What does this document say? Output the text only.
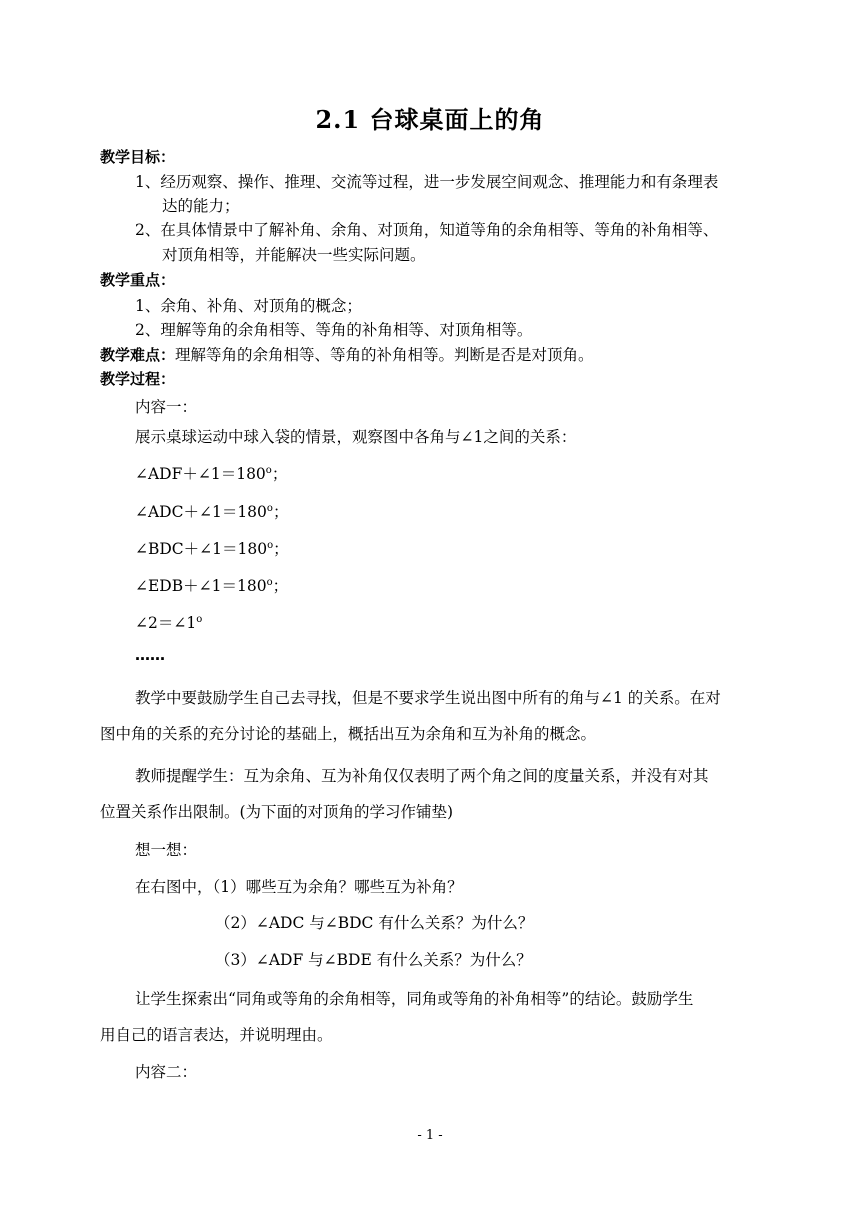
2.1 台球桌面上的角
教学目标：
1、经历观察、操作、推理、交流等过程，进一步发展空间观念、推理能力和有条理表
达的能力；
2、在具体情景中了解补角、余角、对顶角，知道等角的余角相等、等角的补角相等、
对顶角相等，并能解决一些实际问题。
教学重点：
1、余角、补角、对顶角的概念；
2、理解等角的余角相等、等角的补角相等、对顶角相等。
教学难点：理解等角的余角相等、等角的补角相等。判断是否是对顶角。
教学过程：
内容一：
展示桌球运动中球入袋的情景，观察图中各角与∠1之间的关系：
$\angle ADF+\angle 1=180^o$；
$\angle ADC+\angle 1=180^o$；
$\angle BDC+\angle 1=180^o$；
$\angle EDB+\angle 1=180^o$；
$\angle 2=\angle 1^o$
……
教学中要鼓励学生自己去寻找，但是不要求学生说出图中所有的角与∠1 的关系。在对
图中角的关系的充分讨论的基础上，概括出互为余角和互为补角的概念。
教师提醒学生：互为余角、互为补角仅仅表明了两个角之间的度量关系，并没有对其
位置关系作出限制。(为下面的对顶角的学习作铺垫)
想一想：
在右图中，（1）哪些互为余角？哪些互为补角？
（2）∠ADC 与∠BDC 有什么关系？为什么？
（3）∠ADF 与∠BDE 有什么关系？为什么？
让学生探索出“同角或等角的余角相等，同角或等角的补角相等”的结论。鼓励学生
用自己的语言表达，并说明理由。
内容二：
- 1 -
